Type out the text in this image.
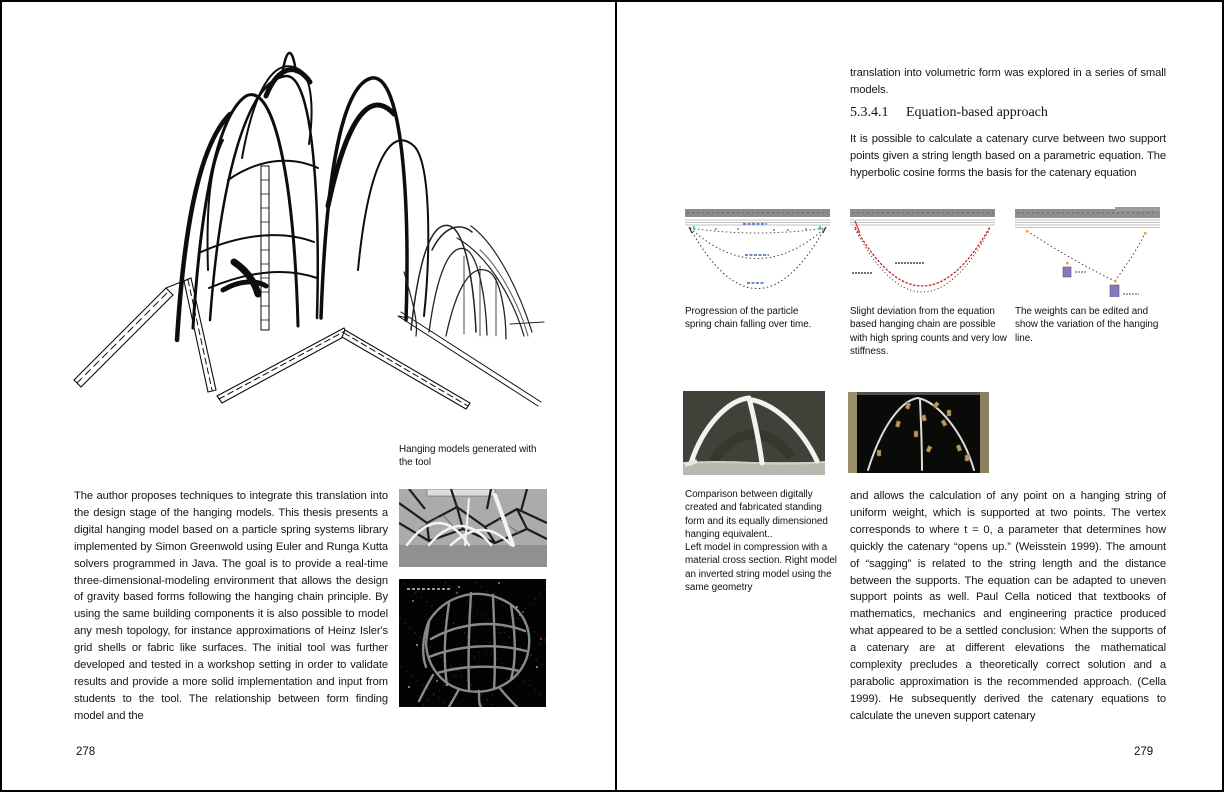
Hanging models generated with the tool
The author proposes techniques to integrate this translation into the design stage of the hanging models. This thesis presents a digital hanging model based on a particle spring systems library implemented by Simon Greenwold using Euler and Runga Kutta solvers programmed in Java. The goal is to provide a real-time three-dimensional-modeling environment that allows the design of gravity based forms following the hanging chain principle. By using the same building components it is also possible to model any mesh topology, for instance approximations of Heinz Isler's grid shells or fabric like surfaces. The initial tool was further developed and tested in a workshop setting in order to validate results and provide a more solid implementation and input from students to the tool. The relationship between form finding model and the
278
translation into volumetric form was explored in a series of small models.
5.3.4.1 Equation-based approach
It is possible to calculate a catenary curve between two support points given a string length based on a parametric equation. The hyperbolic cosine forms the basis for the catenary equation
Progression of the particle spring chain falling over time.
Slight deviation from the equation based hanging chain are possible with high spring counts and very low stiffness.
The weights can be edited and show the variation of the hanging line.
Comparison between digitally created and fabricated standing form and its equally dimensioned hanging equivalent..
Left model in compression with a material cross section. Right model an inverted string model using the same geometry
and allows the calculation of any point on a hanging string of uniform weight, which is supported at two points. The vertex corresponds to where t = 0, a parameter that determines how quickly the catenary “opens up.” (Weisstein 1999). The amount of “sagging” is related to the string length and the distance between the supports. The equation can be adapted to uneven support points as well. Paul Cella noticed that textbooks of mathematics, mechanics and engineering practice produced what appeared to be a settled conclusion: When the supports of a catenary are at different elevations the mathematical complexity precludes a theoretically correct solution and a parabolic approximation is the recommended approach. (Cella 1999). He subsequently derived the catenary equations to calculate the uneven support catenary
279
